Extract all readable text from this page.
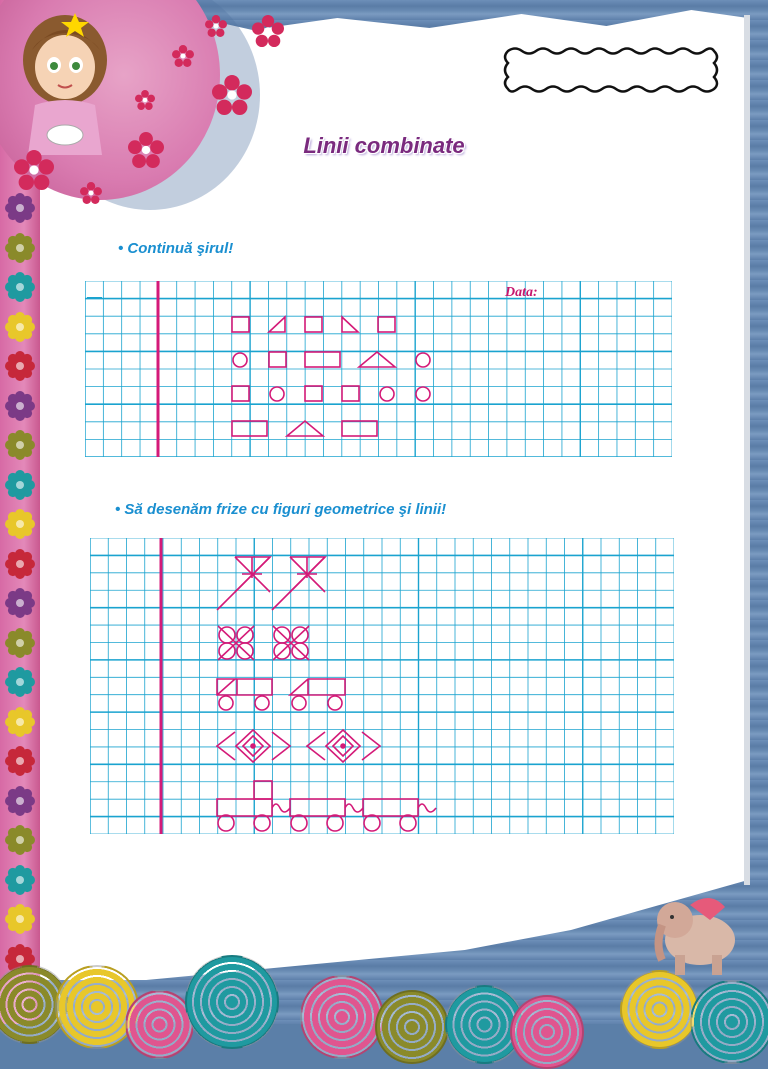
Linii combinate
• Continuă şirul!
• Să desenăm frize cu figuri geometrice şi linii!
Data:
